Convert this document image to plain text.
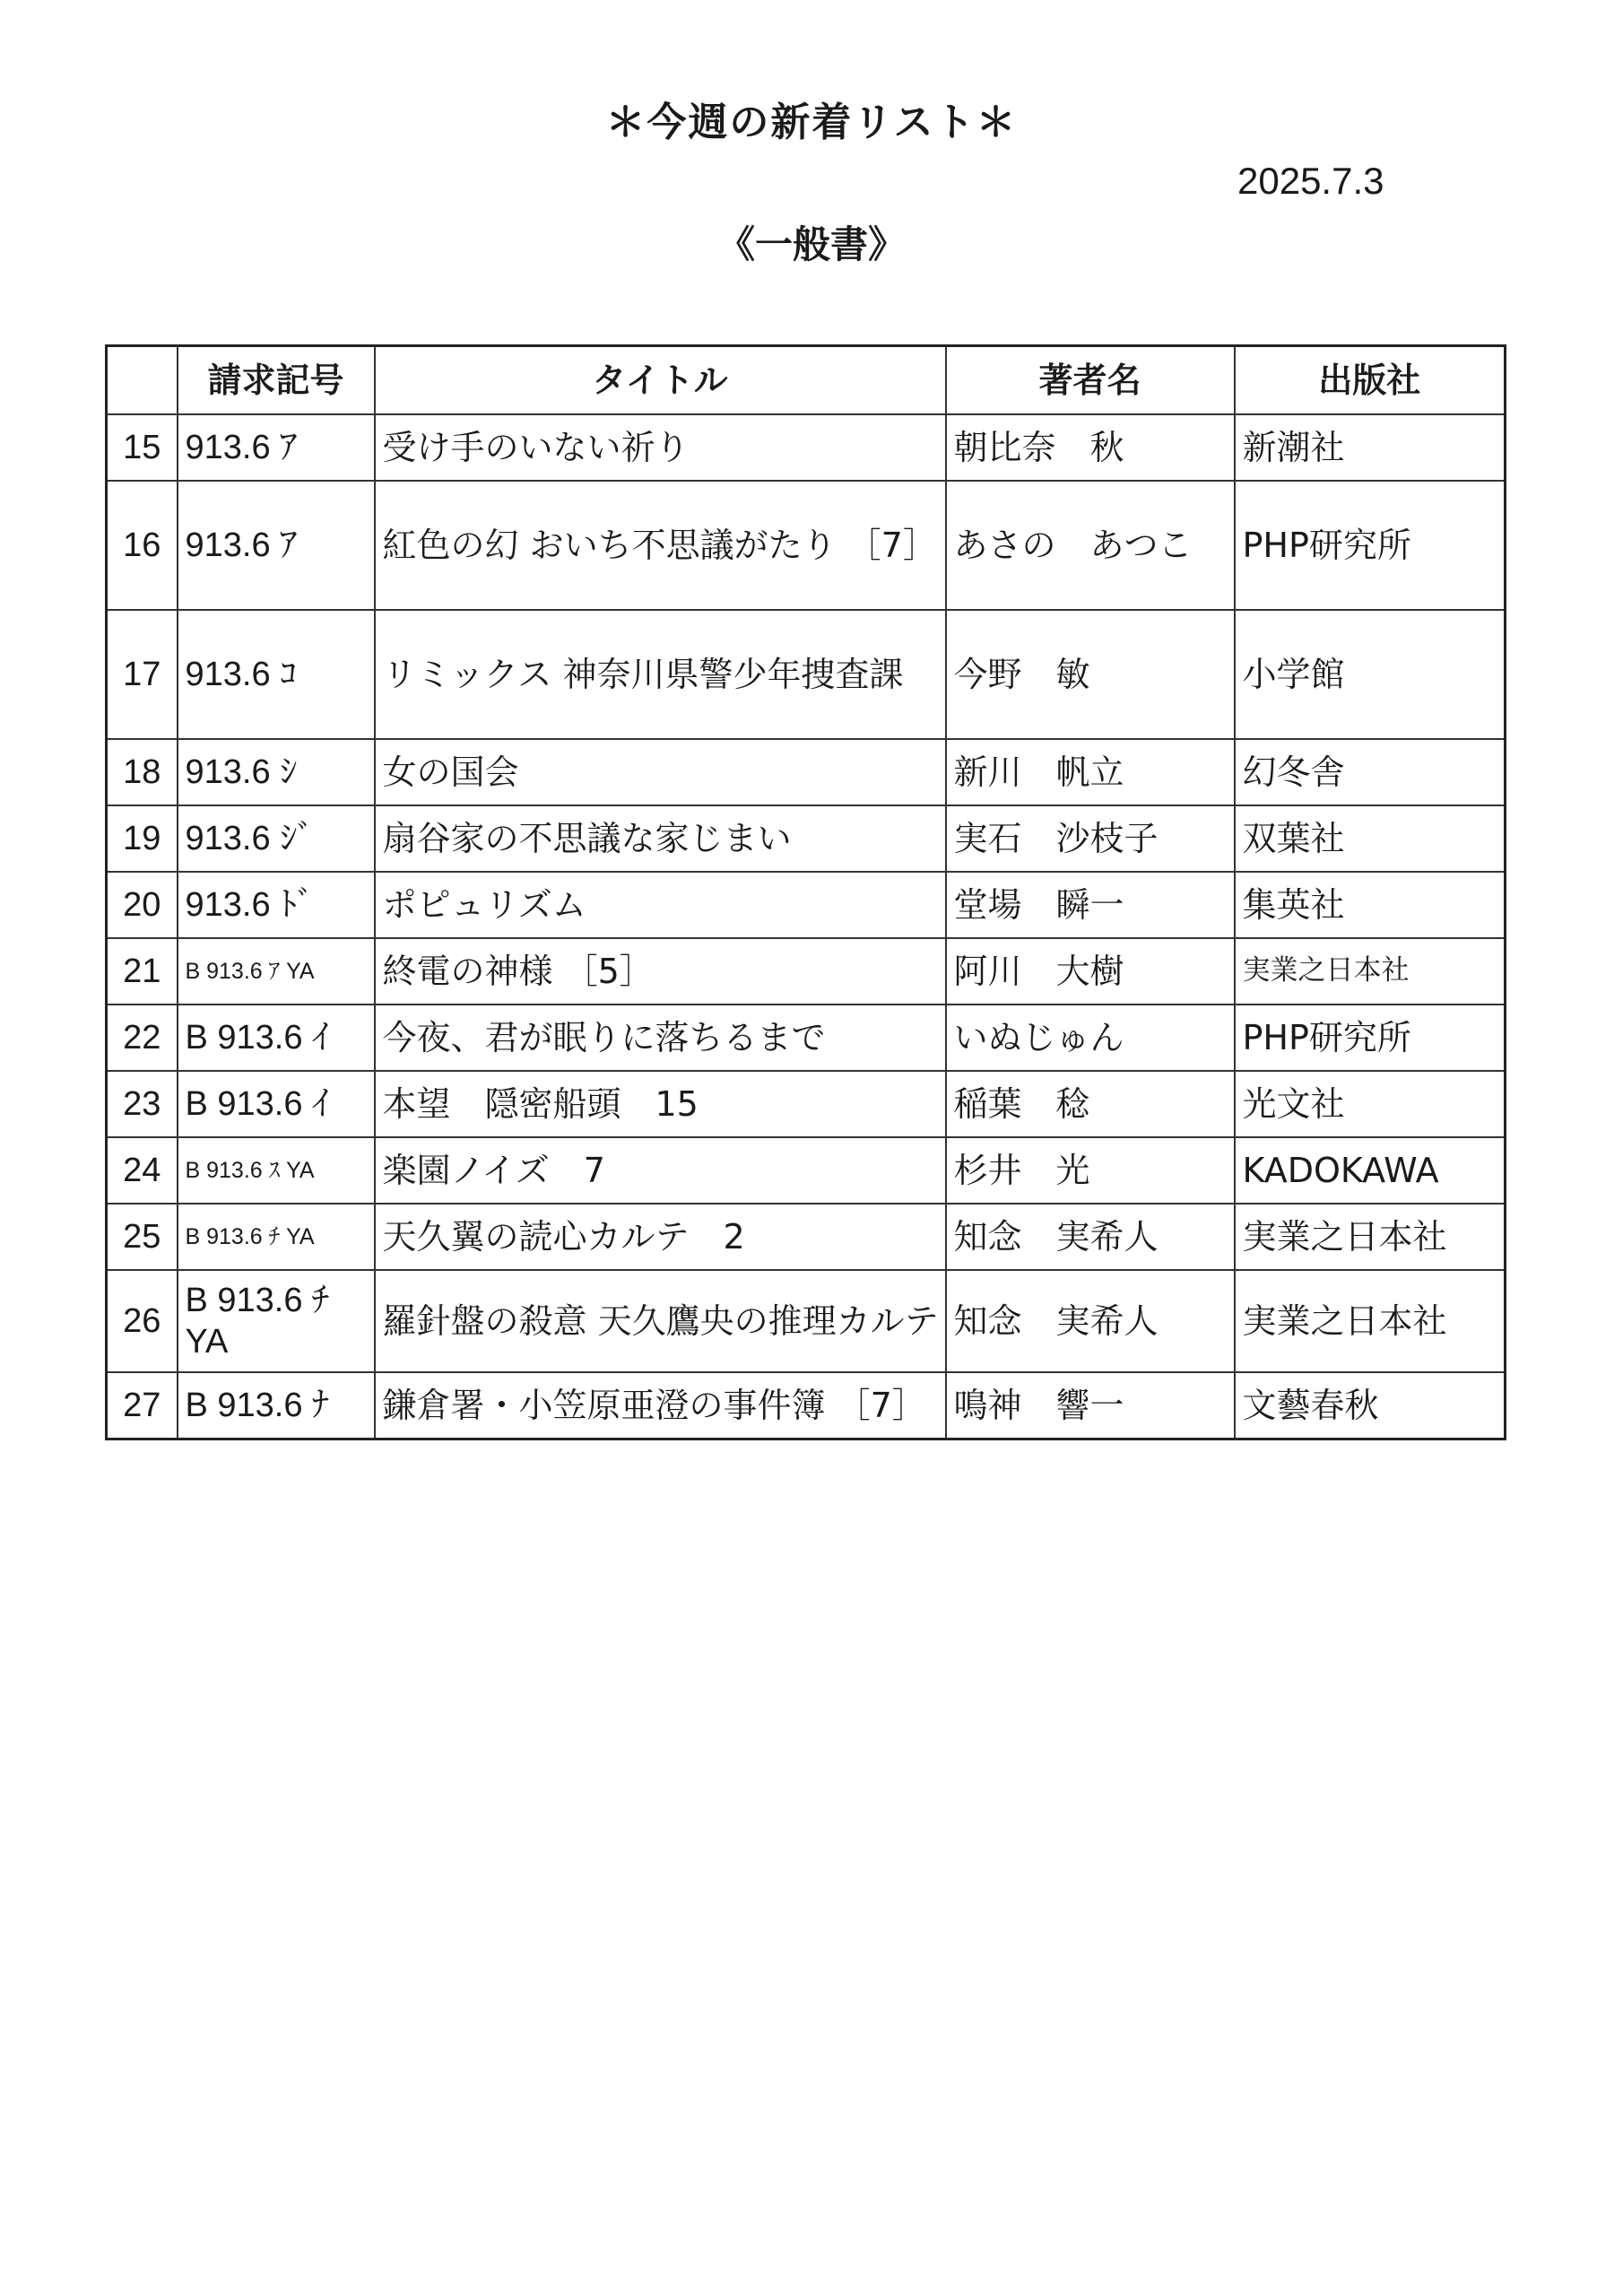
＊今週の新着リスト＊
2025.7.3
《一般書》
	請求記号	タイトル	著者名	出版社
15	913.6 ｱ	受け手のいない祈り	朝比奈　秋	新潮社
16	913.6 ｱ	紅色の幻 おいち不思議がたり ［7］	あさの　あつこ	PHP研究所
17	913.6 ｺ	リミックス 神奈川県警少年捜査課	今野　敏	小学館
18	913.6 ｼ	女の国会	新川　帆立	幻冬舎
19	913.6 ｼﾞ	扇谷家の不思議な家じまい	実石　沙枝子	双葉社
20	913.6 ﾄﾞ	ポピュリズム	堂場　瞬一	集英社
21	B 913.6 ｱ YA	終電の神様 ［5］	阿川　大樹	実業之日本社
22	B 913.6 ｲ	今夜、君が眠りに落ちるまで	いぬじゅん	PHP研究所
23	B 913.6 ｲ	本望　隠密船頭　15	稲葉　稔	光文社
24	B 913.6 ｽ YA	楽園ノイズ　7	杉井　光	KADOKAWA
25	B 913.6 ﾁ YA	天久翼の読心カルテ　2	知念　実希人	実業之日本社
26	B 913.6 ﾁ YA	羅針盤の殺意 天久鷹央の推理カルテ	知念　実希人	実業之日本社
27	B 913.6 ﾅ	鎌倉署・小笠原亜澄の事件簿 ［7］	鳴神　響一	文藝春秋
